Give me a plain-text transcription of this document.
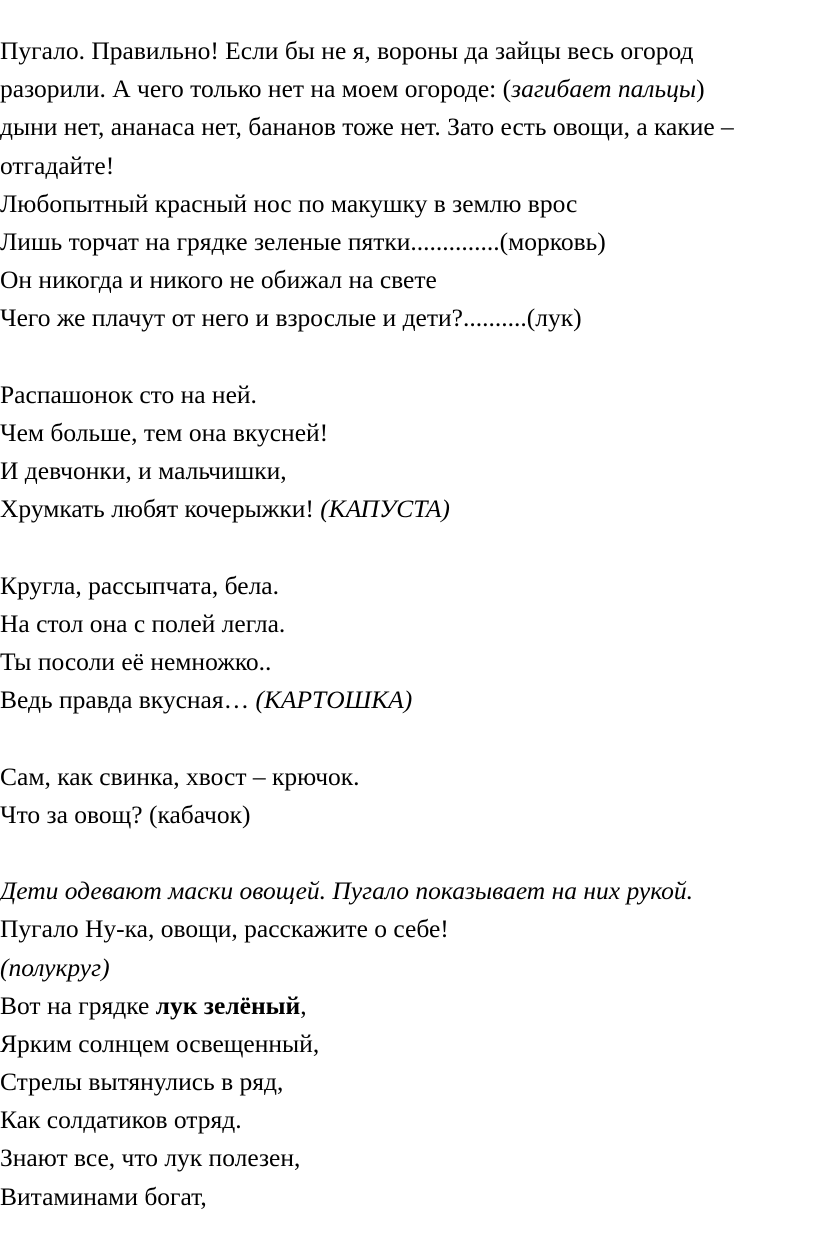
Пугало. Правильно! Если бы не я, вороны да зайцы весь огород
разорили. А чего только нет на моем огороде: (загибает пальцы)
дыни нет, ананаса нет, бананов тоже нет. Зато есть овощи, а какие –
отгадайте!
Любопытный красный нос по макушку в землю врос
Лишь торчат на грядке зеленые пятки..............(морковь)
Он никогда и никого не обижал на свете
Чего же плачут от него и взрослые и дети?..........(лук)
Распашонок сто на ней.
Чем больше, тем она вкусней!
И девчонки, и мальчишки,
Хрумкать любят кочерыжки! (КАПУСТА)
Кругла, рассыпчата, бела.
На стол она с полей легла.
Ты посоли её немножко..
Ведь правда вкусная… (КАРТОШКА)
Сам, как свинка, хвост – крючок.
Что за овощ? (кабачок)
Дети одевают маски овощей. Пугало показывает на них рукой.
Пугало Ну-ка, овощи, расскажите о себе!
(полукруг)
Вот на грядке лук зелёный,
Ярким солнцем освещенный,
Стрелы вытянулись в ряд,
Как солдатиков отряд.
Знают все, что лук полезен,
Витаминами богат,
